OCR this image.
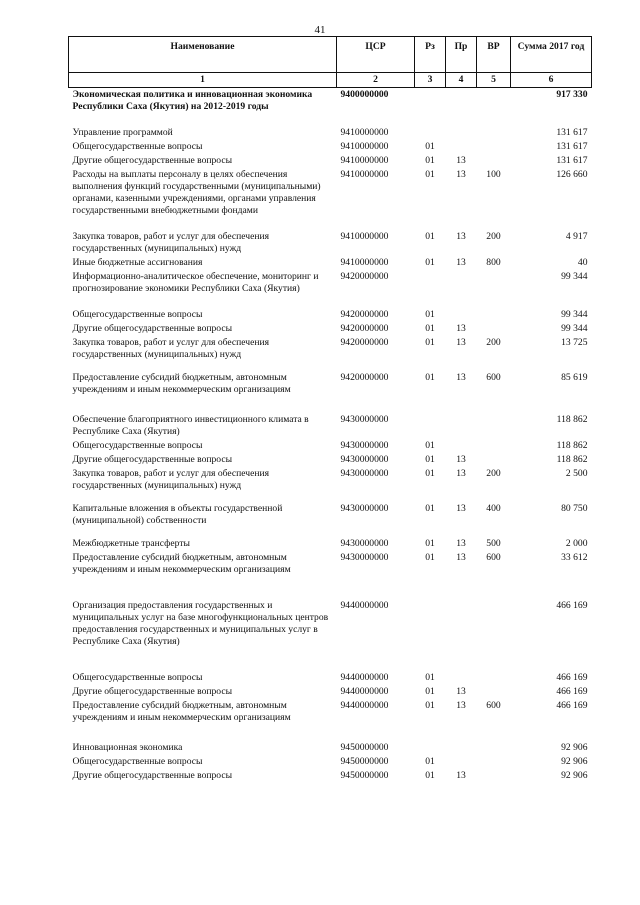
41
Наименование	ЦСР	Рз	Пр	ВР	Сумма 2017 год
1	2	3	4	5	6
Экономическая политика и инновационная экономика Республики Саха (Якутия) на 2012-2019 годы	9400000000				917 330
Управление программой	9410000000				131 617
Общегосударственные вопросы	9410000000	01			131 617
Другие общегосударственные вопросы	9410000000	01	13		131 617
Расходы на выплаты персоналу в целях обеспечения выполнения функций государственными (муниципальными) органами, казенными учреждениями, органами управления государственными внебюджетными фондами	9410000000	01	13	100	126 660
Закупка товаров, работ и услуг для обеспечения государственных (муниципальных) нужд	9410000000	01	13	200	4 917
Иные бюджетные ассигнования	9410000000	01	13	800	40
Информационно-аналитическое обеспечение, мониторинг и прогнозирование экономики Республики Саха (Якутия)	9420000000				99 344
Общегосударственные вопросы	9420000000	01			99 344
Другие общегосударственные вопросы	9420000000	01	13		99 344
Закупка товаров, работ и услуг для обеспечения государственных (муниципальных) нужд	9420000000	01	13	200	13 725
Предоставление субсидий бюджетным, автономным учреждениям и иным некоммерческим организациям	9420000000	01	13	600	85 619
Обеспечение благоприятного инвестиционного климата в Республике Саха (Якутия)	9430000000				118 862
Общегосударственные вопросы	9430000000	01			118 862
Другие общегосударственные вопросы	9430000000	01	13		118 862
Закупка товаров, работ и услуг для обеспечения государственных (муниципальных) нужд	9430000000	01	13	200	2 500
Капитальные вложения в объекты государственной (муниципальной) собственности	9430000000	01	13	400	80 750
Межбюджетные трансферты	9430000000	01	13	500	2 000
Предоставление субсидий бюджетным, автономным учреждениям и иным некоммерческим организациям	9430000000	01	13	600	33 612
Организация предоставления государственных и муниципальных услуг на базе многофункциональных центров предоставления государственных и муниципальных услуг в Республике Саха (Якутия)	9440000000				466 169
Общегосударственные вопросы	9440000000	01			466 169
Другие общегосударственные вопросы	9440000000	01	13		466 169
Предоставление субсидий бюджетным, автономным учреждениям и иным некоммерческим организациям	9440000000	01	13	600	466 169
Инновационная экономика	9450000000				92 906
Общегосударственные вопросы	9450000000	01			92 906
Другие общегосударственные вопросы	9450000000	01	13		92 906
